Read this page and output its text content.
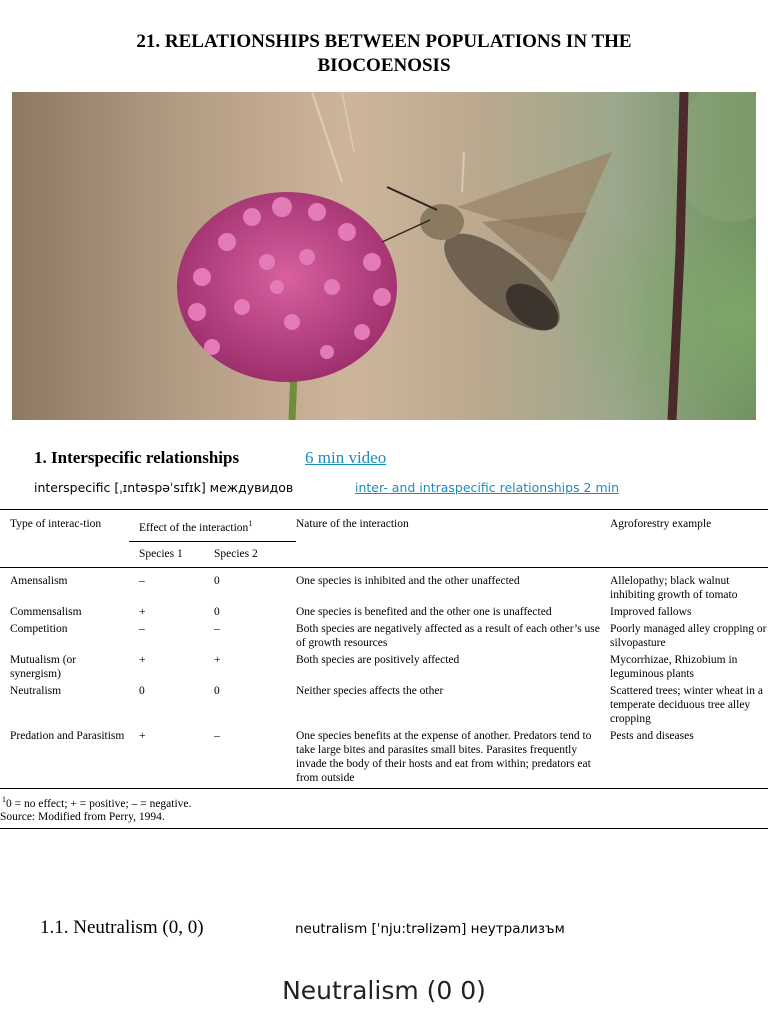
21. RELATIONSHIPS BETWEEN POPULATIONS IN THE
BIOCOENOSIS
1. Interspecific relationships	6 min video
interspecific [ˌɪntəspəˈsɪfɪk] междувидов	inter- and intraspecific relationships 2 min
Type of interac-tion	Effect of the interaction$^1$		Nature of the interaction	Agroforestry example
	Species 1	Species 2		
Amensalism	–	0	One species is inhibited and the other unaffected	Allelopathy; black walnut inhibiting growth of tomato
Commensalism	+	0	One species is benefited and the other one is unaffected	Improved fallows
Competition	–	–	Both species are negatively affected as a result of each other’s use of growth resources	Poorly managed alley cropping or silvopasture
Mutualism (or synergism)	+	+	Both species are positively affected	Mycorrhizae, Rhizobium in leguminous plants
Neutralism	0	0	Neither species affects the other	Scattered trees; winter wheat in a temperate deciduous tree alley cropping
Predation and Parasitism	+	–	One species benefits at the expense of another. Predators tend to take large bites and parasites small bites. Parasites frequently invade the body of their hosts and eat from within; predators eat from outside	Pests and diseases
$^1$0 = no effect; + = positive; – = negative.
Source: Modified from Perry, 1994.
1.1. Neutralism (0, 0)	neutralism [ˈnju:trəlizəm] неутрализъм
Neutralism (0 0)
